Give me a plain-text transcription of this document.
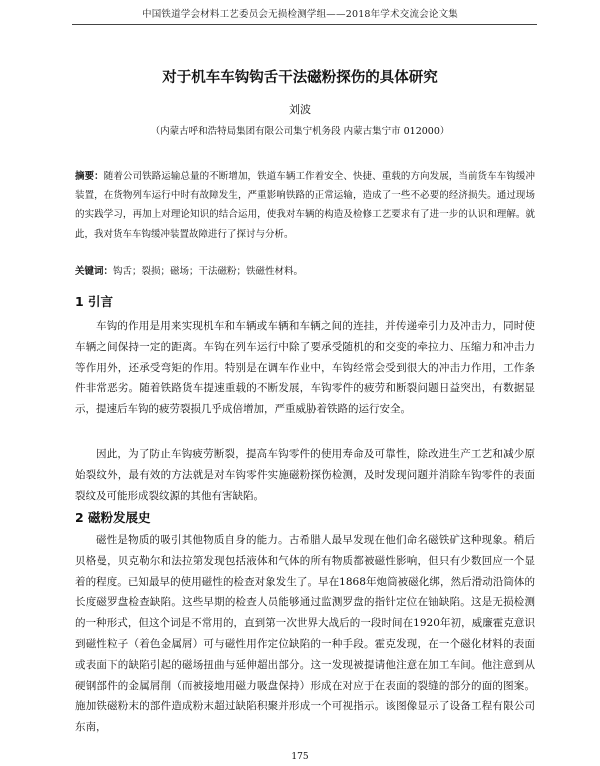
中国铁道学会材料工艺委员会无损检测学组——2018年学术交流会论文集
对于机车车钩钩舌干法磁粉探伤的具体研究
刘波
（内蒙古呼和浩特局集团有限公司集宁机务段 内蒙古集宁市 012000）
摘要：随着公司铁路运输总量的不断增加，铁道车辆工作着安全、快捷、重载的方向发展，当前货车车钩缓冲装置，在货物列车运行中时有故障发生，严重影响铁路的正常运输，造成了一些不必要的经济损失。通过现场的实践学习，再加上对理论知识的结合运用，使我对车辆的构造及检修工艺要求有了进一步的认识和理解。就此，我对货车车钩缓冲装置故障进行了探讨与分析。
关键词：钩舌；裂损；磁场；干法磁粉；铁磁性材料。
1 引言
车钩的作用是用来实现机车和车辆或车辆和车辆之间的连挂，并传递牵引力及冲击力，同时使车辆之间保持一定的距离。车钩在列车运行中除了要承受随机的和交变的牵拉力、压缩力和冲击力等作用外，还承受弯矩的作用。特别是在调车作业中，车钩经常会受到很大的冲击力作用，工作条件非常恶劣。随着铁路货车提速重载的不断发展，车钩零件的疲劳和断裂问题日益突出，有数据显示，提速后车钩的疲劳裂损几乎成倍增加，严重威胁着铁路的运行安全。
因此，为了防止车钩疲劳断裂，提高车钩零件的使用寿命及可靠性，除改进生产工艺和减少原始裂纹外，最有效的方法就是对车钩零件实施磁粉探伤检测，及时发现问题并消除车钩零件的表面裂纹及可能形成裂纹源的其他有害缺陷。
2 磁粉发展史
磁性是物质的吸引其他物质自身的能力。古希腊人最早发现在他们命名磁铁矿这种现象。稍后贝格曼，贝克勒尔和法拉第发现包括液体和气体的所有物质都被磁性影响，但只有少数回应一个显着的程度。已知最早的使用磁性的检查对象发生了。早在1868年炮筒被磁化绑，然后滑动沿筒体的长度磁罗盘检查缺陷。这些早期的检查人员能够通过监测罗盘的指针定位在铀缺陷。这是无损检测的一种形式，但这个词是不常用的，直到第一次世界大战后的一段时间在1920年初，威廉霍克意识到磁性粒子（着色金属屑）可与磁性用作定位缺陷的一种手段。霍克发现，在一个磁化材料的表面或表面下的缺陷引起的磁场扭曲与延伸超出部分。这一发现被提请他注意在加工车间。他注意到从硬钢部件的金属屑削（而被接地用磁力吸盘保持）形成在对应于在表面的裂缝的部分的面的图案。施加铁磁粉末的部件造成粉末超过缺陷积聚并形成一个可视指示。该图像显示了设备工程有限公司东南，
175
